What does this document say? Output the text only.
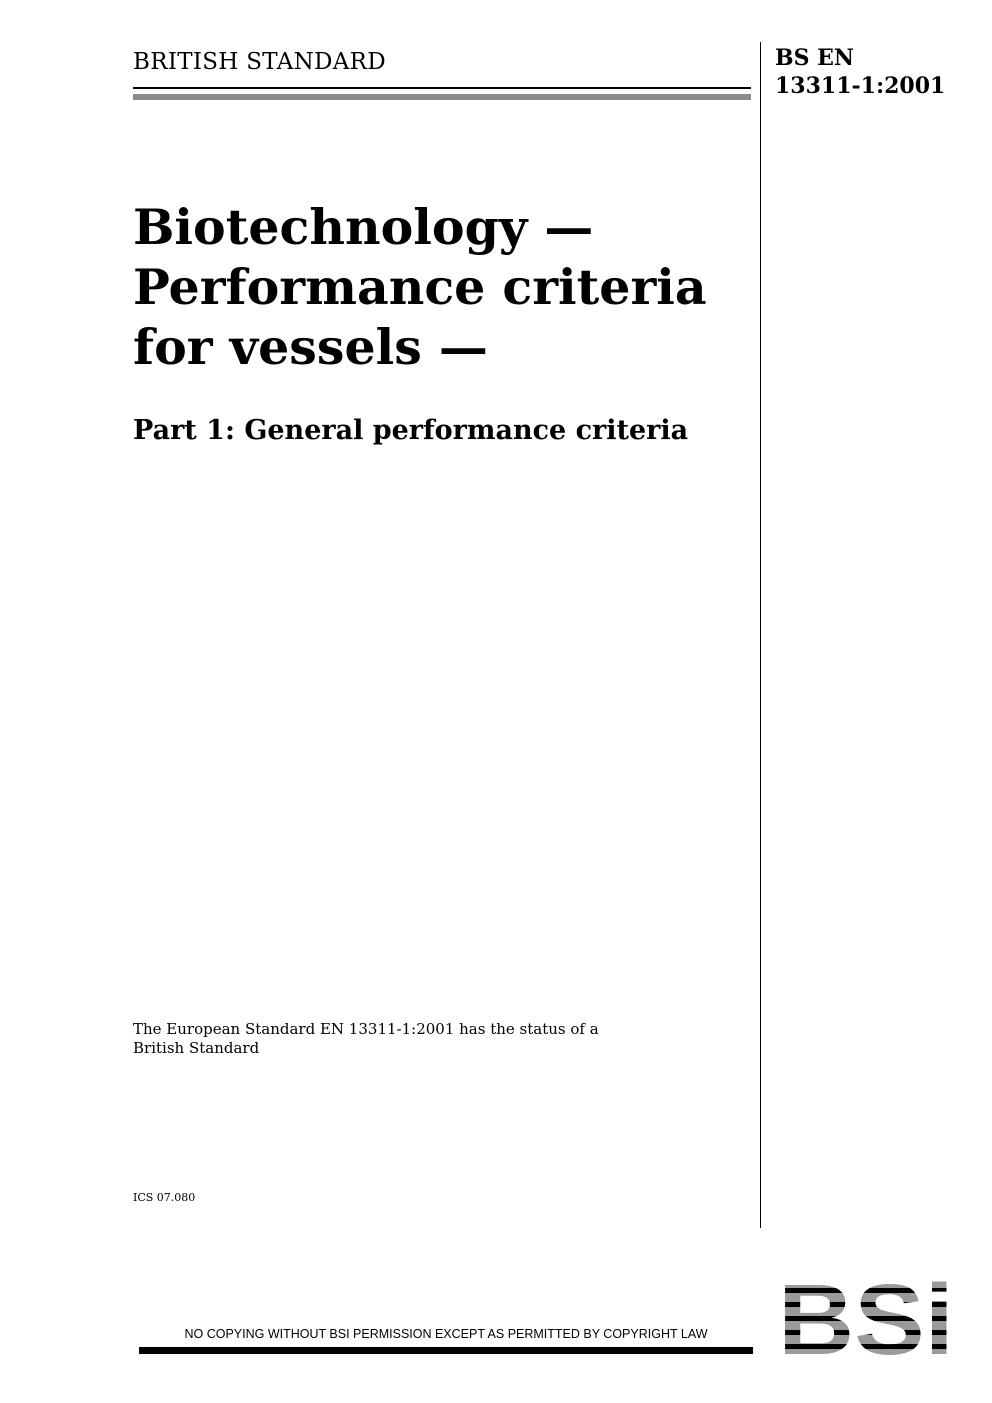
BRITISH STANDARD	BS EN
13311-1:2001
Biotechnology —
Performance criteria
for vessels —
Part 1: General performance criteria
The European Standard EN 13311-1:2001 has the status of a British Standard
ICS 07.080
NO COPYING WITHOUT BSI PERMISSION EXCEPT AS PERMITTED BY COPYRIGHT LAW
